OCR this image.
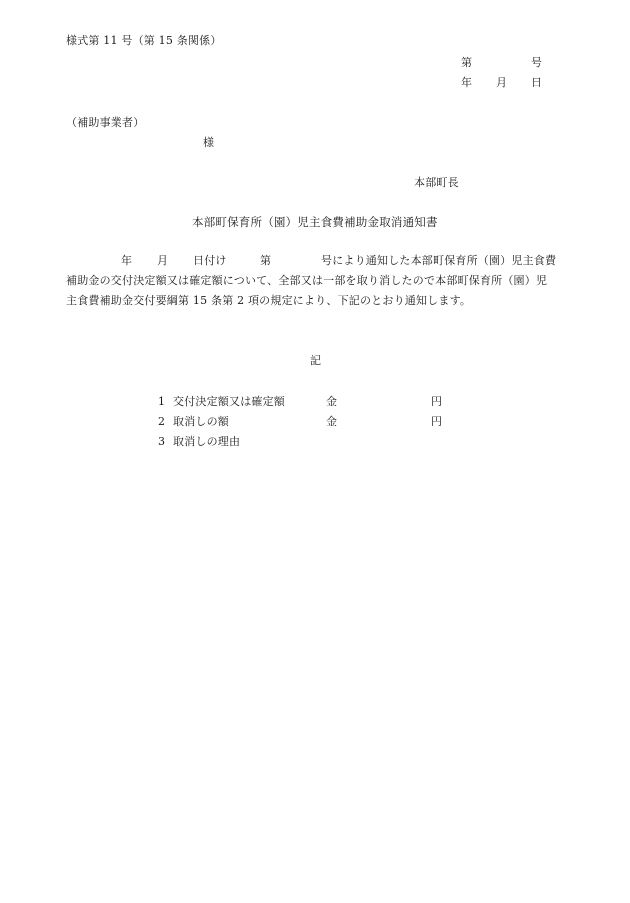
様式第 11 号（第 15 条関係）
第	号
年 月 日
（補助事業者）
様
本部町長
本部町保育所（園）児主食費補助金取消通知書
年 月 日付け	第	号により通知した本部町保育所（園）児主食費
補助金の交付決定額又は確定額について、全部又は一部を取り消したので本部町保育所（園）児
主食費補助金交付要綱第 15 条第 2 項の規定により、下記のとおり通知します。
記
1 交付決定額又は確定額	金	円
2 取消しの額	金	円
3 取消しの理由
